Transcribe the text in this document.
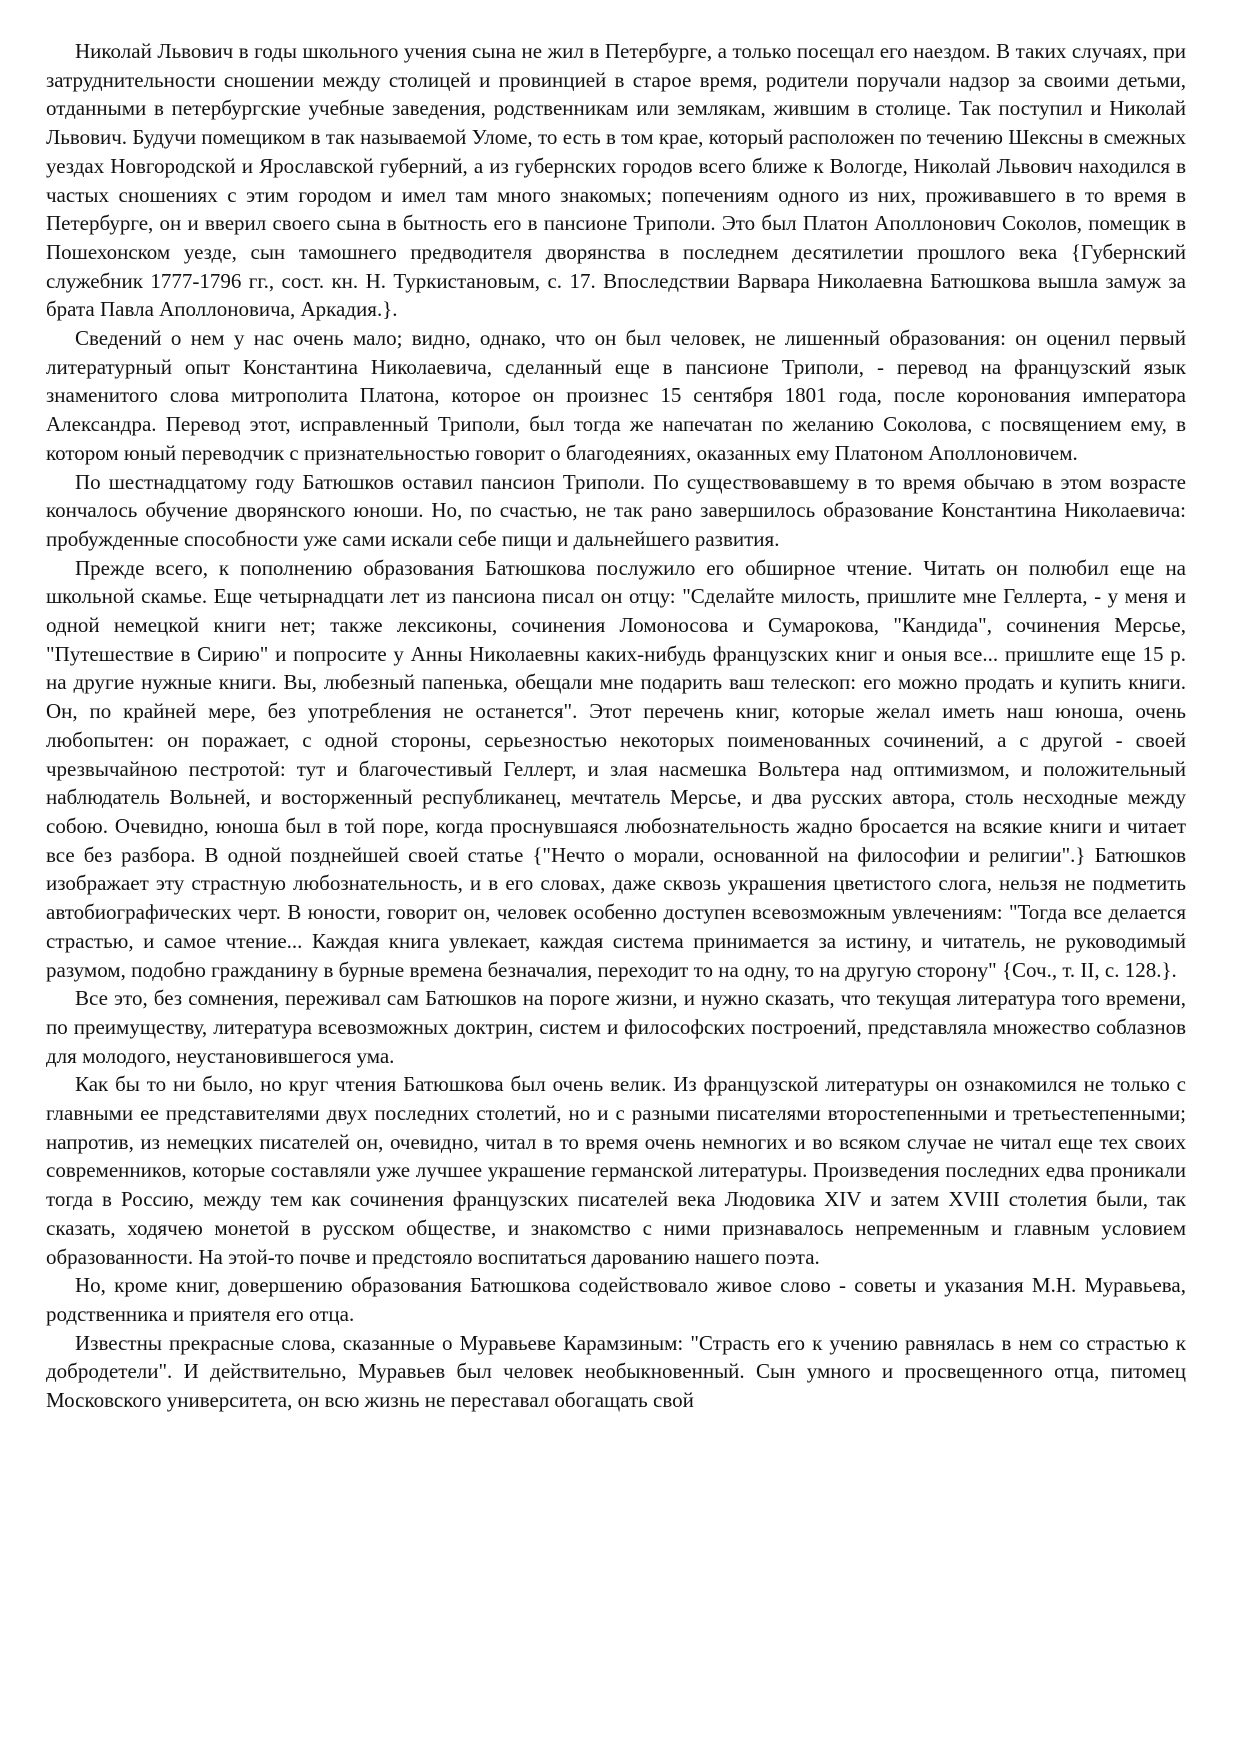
Николай Львович в годы школьного учения сына не жил в Петербурге, а только посещал его наездом. В таких случаях, при затруднительности сношении между столицей и провинцией в старое время, родители поручали надзор за своими детьми, отданными в петербургские учебные заведения, родственникам или землякам, жившим в столице. Так поступил и Николай Львович. Будучи помещиком в так называемой Уломе, то есть в том крае, который расположен по течению Шексны в смежных уездах Новгородской и Ярославской губерний, а из губернских городов всего ближе к Вологде, Николай Львович находился в частых сношениях с этим городом и имел там много знакомых; попечениям одного из них, проживавшего в то время в Петербурге, он и вверил своего сына в бытность его в пансионе Триполи. Это был Платон Аполлонович Соколов, помещик в Пошехонском уезде, сын тамошнего предводителя дворянства в последнем десятилетии прошлого века {Губернский служебник 1777-1796 гг., сост. кн. Н. Туркистановым, с. 17. Впоследствии Варвара Николаевна Батюшкова вышла замуж за брата Павла Аполлоновича, Аркадия.}.

Сведений о нем у нас очень мало; видно, однако, что он был человек, не лишенный образования: он оценил первый литературный опыт Константина Николаевича, сделанный еще в пансионе Триполи, - перевод на французский язык знаменитого слова митрополита Платона, которое он произнес 15 сентября 1801 года, после коронования императора Александра. Перевод этот, исправленный Триполи, был тогда же напечатан по желанию Соколова, с посвящением ему, в котором юный переводчик с признательностью говорит о благодеяниях, оказанных ему Платоном Аполлоновичем.

По шестнадцатому году Батюшков оставил пансион Триполи. По существовавшему в то время обычаю в этом возрасте кончалось обучение дворянского юноши. Но, по счастью, не так рано завершилось образование Константина Николаевича: пробужденные способности уже сами искали себе пищи и дальнейшего развития.

Прежде всего, к пополнению образования Батюшкова послужило его обширное чтение. Читать он полюбил еще на школьной скамье. Еще четырнадцати лет из пансиона писал он отцу: "Сделайте милость, пришлите мне Геллерта, - у меня и одной немецкой книги нет; также лексиконы, сочинения Ломоносова и Сумарокова, "Кандида", сочинения Мерсье, "Путешествие в Сирию" и попросите у Анны Николаевны каких-нибудь французских книг и оныя все... пришлите еще 15 р. на другие нужные книги. Вы, любезный папенька, обещали мне подарить ваш телескоп: его можно продать и купить книги. Он, по крайней мере, без употребления не останется". Этот перечень книг, которые желал иметь наш юноша, очень любопытен: он поражает, с одной стороны, серьезностью некоторых поименованных сочинений, а с другой - своей чрезвычайною пестротой: тут и благочестивый Геллерт, и злая насмешка Вольтера над оптимизмом, и положительный наблюдатель Вольней, и восторженный республиканец, мечтатель Мерсье, и два русских автора, столь несходные между собою. Очевидно, юноша был в той поре, когда проснувшаяся любознательность жадно бросается на всякие книги и читает все без разбора. В одной позднейшей своей статье {"Нечто о морали, основанной на философии и религии".} Батюшков изображает эту страстную любознательность, и в его словах, даже сквозь украшения цветистого слога, нельзя не подметить автобиографических черт. В юности, говорит он, человек особенно доступен всевозможным увлечениям: "Тогда все делается страстью, и самое чтение... Каждая книга увлекает, каждая система принимается за истину, и читатель, не руководимый разумом, подобно гражданину в бурные времена безначалия, переходит то на одну, то на другую сторону" {Соч., т. II, с. 128.}.

Все это, без сомнения, переживал сам Батюшков на пороге жизни, и нужно сказать, что текущая литература того времени, по преимуществу, литература всевозможных доктрин, систем и философских построений, представляла множество соблазнов для молодого, неустановившегося ума.

Как бы то ни было, но круг чтения Батюшкова был очень велик. Из французской литературы он ознакомился не только с главными ее представителями двух последних столетий, но и с разными писателями второстепенными и третьестепенными; напротив, из немецких писателей он, очевидно, читал в то время очень немногих и во всяком случае не читал еще тех своих современников, которые составляли уже лучшее украшение германской литературы. Произведения последних едва проникали тогда в Россию, между тем как сочинения французских писателей века Людовика XIV и затем XVIII столетия были, так сказать, ходячею монетой в русском обществе, и знакомство с ними признавалось непременным и главным условием образованности. На этой-то почве и предстояло воспитаться дарованию нашего поэта.

Но, кроме книг, довершению образования Батюшкова содействовало живое слово - советы и указания М.Н. Муравьева, родственника и приятеля его отца.

Известны прекрасные слова, сказанные о Муравьеве Карамзиным: "Страсть его к учению равнялась в нем со страстью к добродетели". И действительно, Муравьев был человек необыкновенный. Сын умного и просвещенного отца, питомец Московского университета, он всю жизнь не переставал обогащать свой
